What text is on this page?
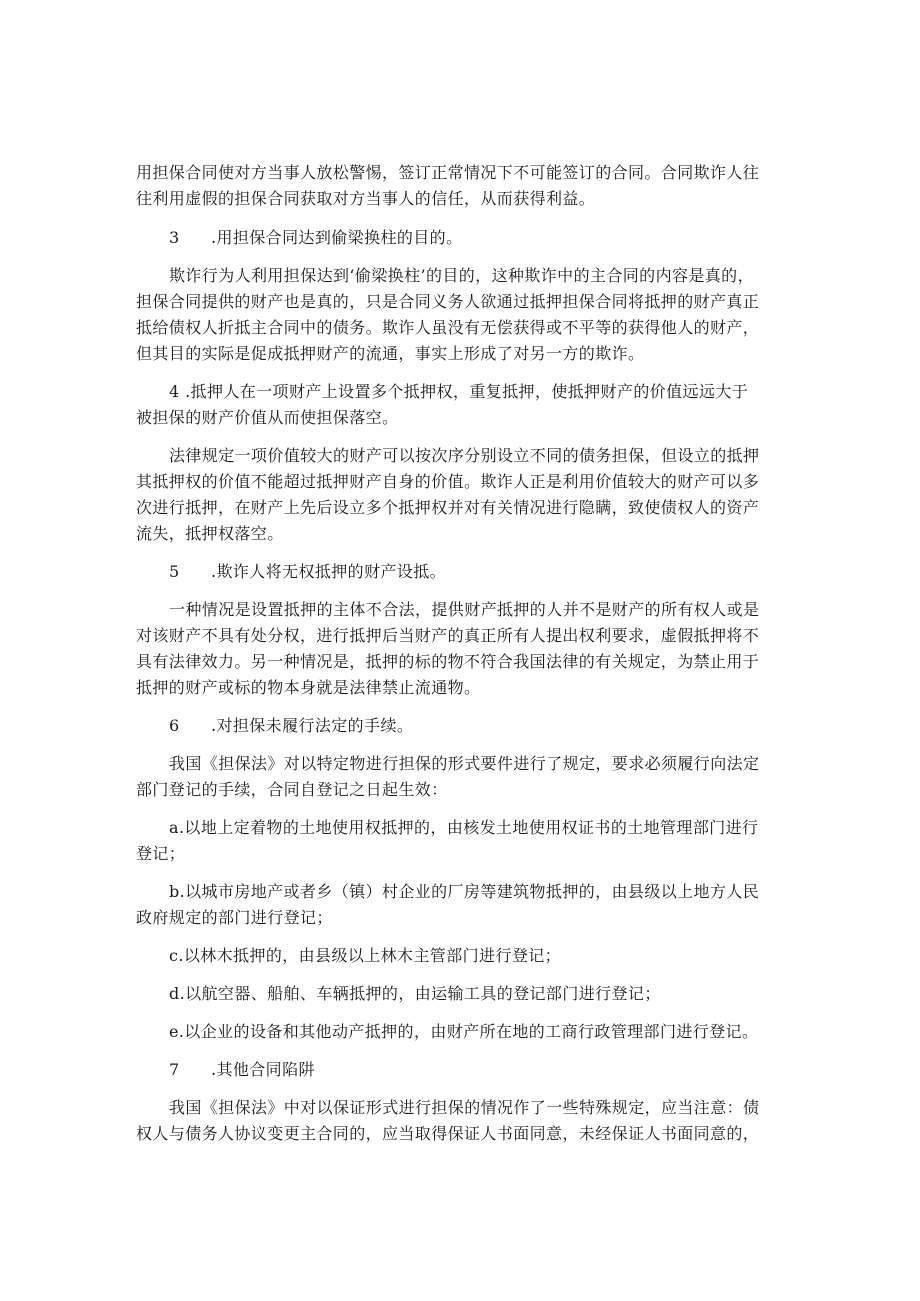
用担保合同使对方当事人放松警惕，签订正常情况下不可能签订的合同。合同欺诈人往
往利用虚假的担保合同获取对方当事人的信任，从而获得利益。
3 .用担保合同达到偷梁换柱的目的。
欺诈行为人利用担保达到‘偷梁换柱’的目的，这种欺诈中的主合同的内容是真的，
担保合同提供的财产也是真的，只是合同义务人欲通过抵押担保合同将抵押的财产真正
抵给债权人折抵主合同中的债务。欺诈人虽没有无偿获得或不平等的获得他人的财产，
但其目的实际是促成抵押财产的流通，事实上形成了对另一方的欺诈。
4 .抵押人在一项财产上设置多个抵押权，重复抵押，使抵押财产的价值远远大于
被担保的财产价值从而使担保落空。
法律规定一项价值较大的财产可以按次序分别设立不同的债务担保，但设立的抵押
其抵押权的价值不能超过抵押财产自身的价值。欺诈人正是利用价值较大的财产可以多
次进行抵押，在财产上先后设立多个抵押权并对有关情况进行隐瞒，致使债权人的资产
流失，抵押权落空。
5 .欺诈人将无权抵押的财产设抵。
一种情况是设置抵押的主体不合法，提供财产抵押的人并不是财产的所有权人或是
对该财产不具有处分权，进行抵押后当财产的真正所有人提出权利要求，虚假抵押将不
具有法律效力。另一种情况是，抵押的标的物不符合我国法律的有关规定，为禁止用于
抵押的财产或标的物本身就是法律禁止流通物。
6 .对担保未履行法定的手续。
我国《担保法》对以特定物进行担保的形式要件进行了规定，要求必须履行向法定
部门登记的手续，合同自登记之日起生效：
a.以地上定着物的土地使用权抵押的，由核发土地使用权证书的土地管理部门进行
登记；
b.以城市房地产或者乡（镇）村企业的厂房等建筑物抵押的，由县级以上地方人民
政府规定的部门进行登记；
c.以林木抵押的，由县级以上林木主管部门进行登记；
d.以航空器、船舶、车辆抵押的，由运输工具的登记部门进行登记；
e.以企业的设备和其他动产抵押的，由财产所在地的工商行政管理部门进行登记。
7 .其他合同陷阱
我国《担保法》中对以保证形式进行担保的情况作了一些特殊规定，应当注意：债
权人与债务人协议变更主合同的，应当取得保证人书面同意，未经保证人书面同意的，
